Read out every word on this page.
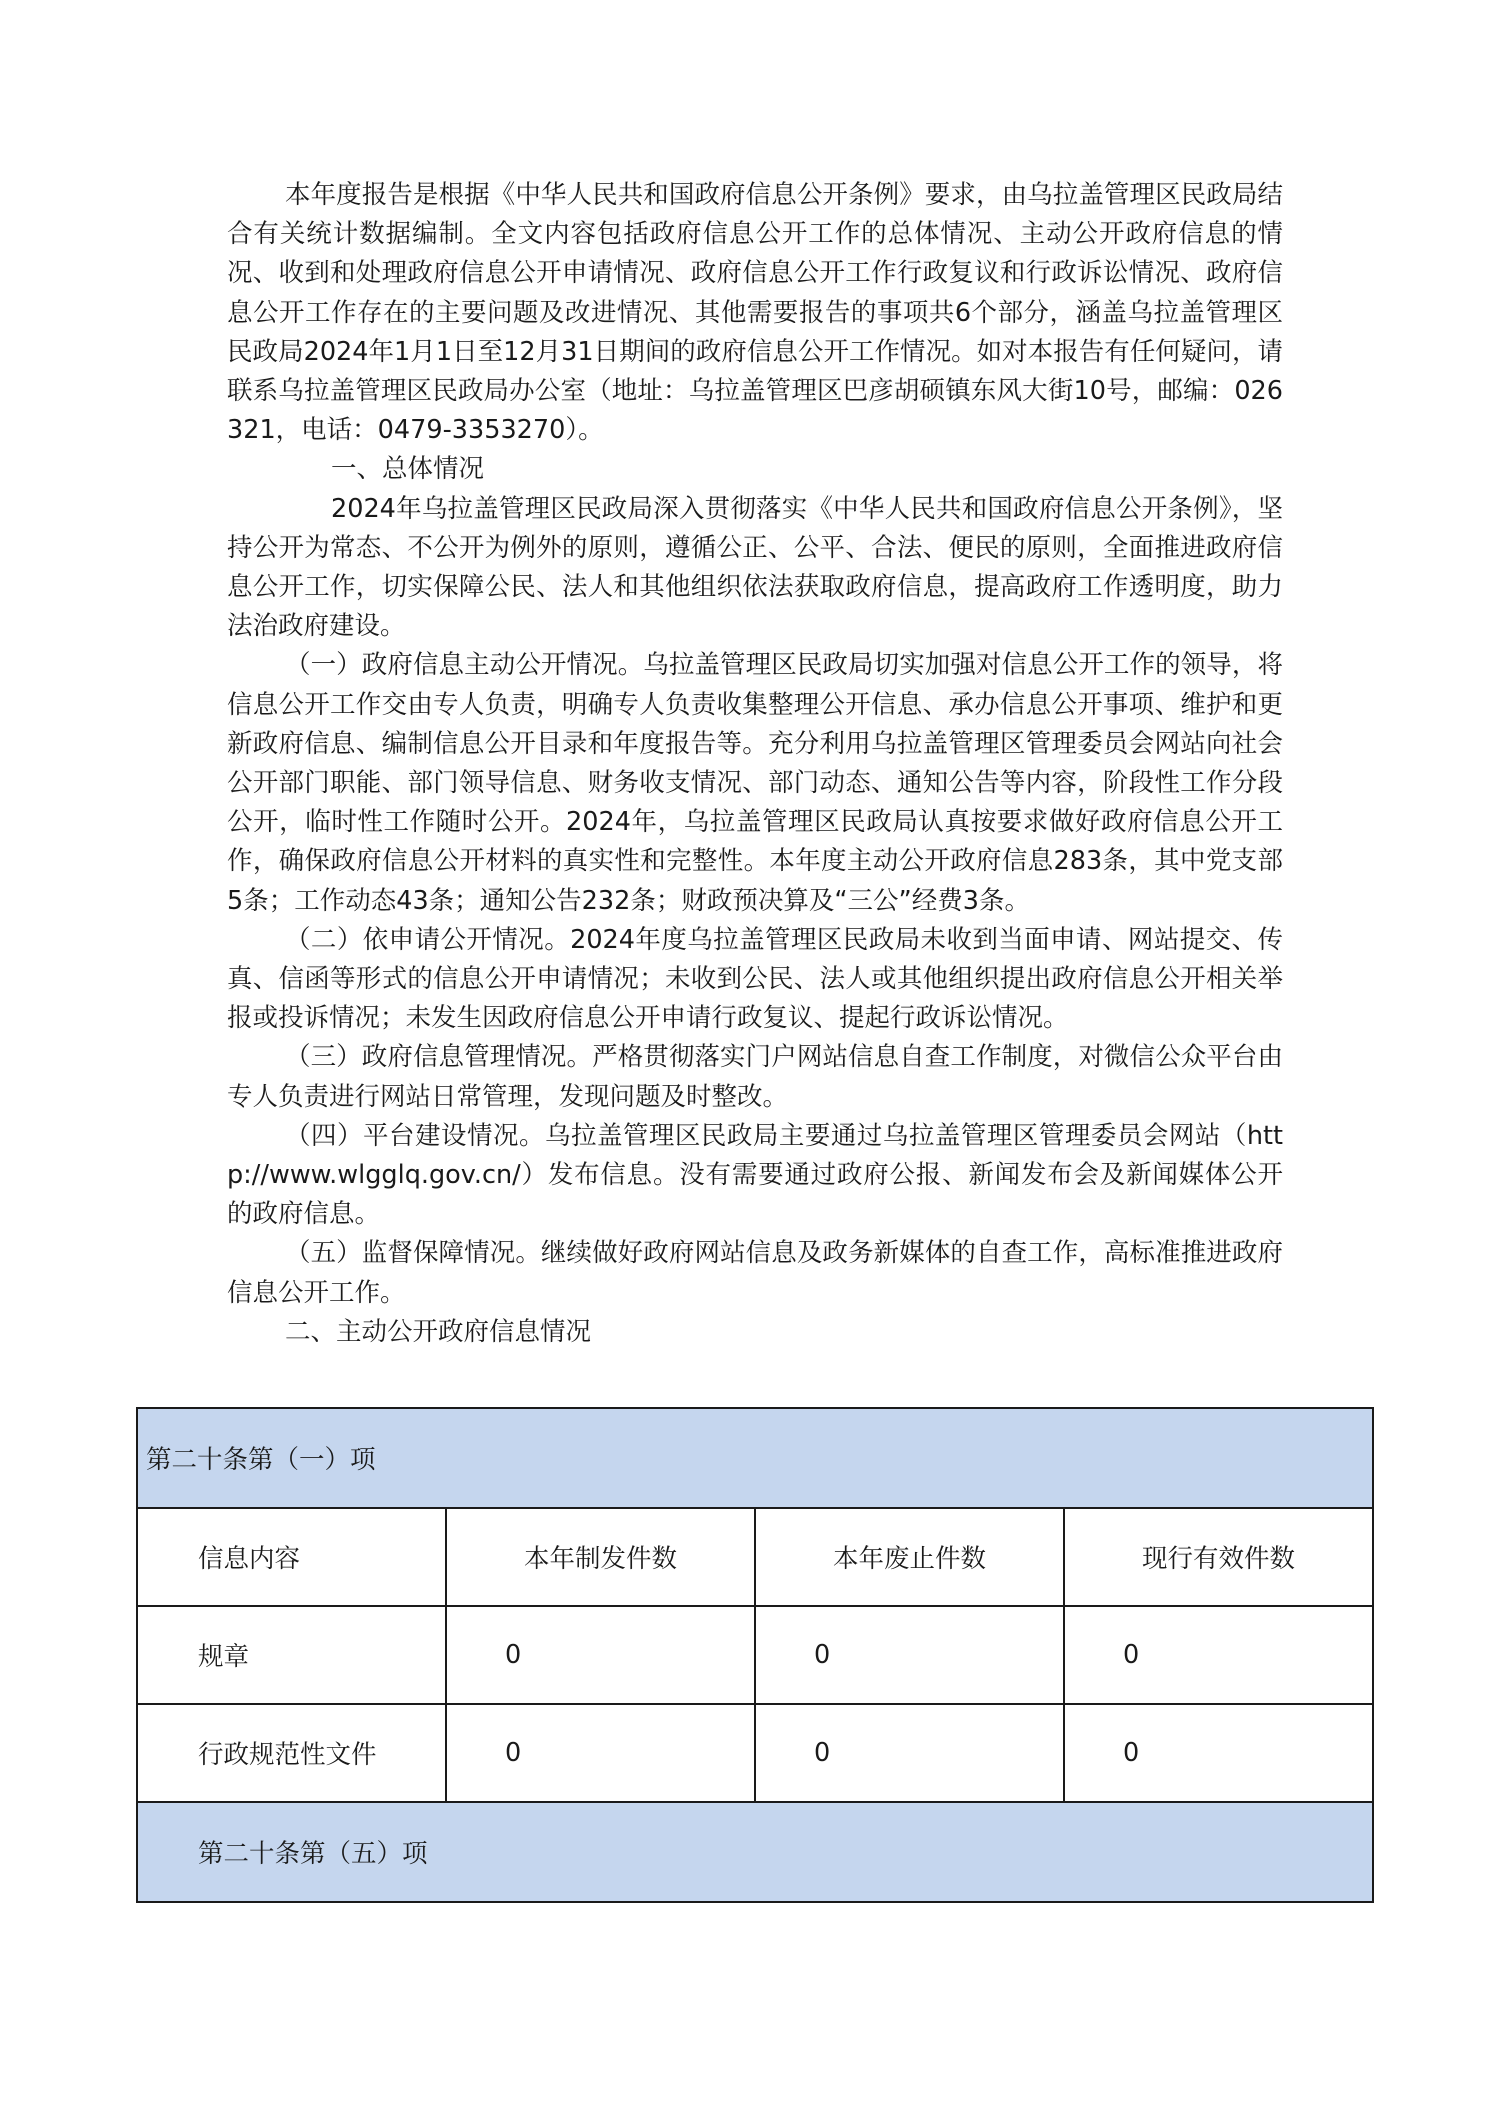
本年度报告是根据《中华人民共和国政府信息公开条例》要求，由乌拉盖管理区民政局结合有关统计数据编制。全文内容包括政府信息公开工作的总体情况、主动公开政府信息的情况、收到和处理政府信息公开申请情况、政府信息公开工作行政复议和行政诉讼情况、政府信息公开工作存在的主要问题及改进情况、其他需要报告的事项共6个部分，涵盖乌拉盖管理区民政局2024年1月1日至12月31日期间的政府信息公开工作情况。如对本报告有任何疑问，请联系乌拉盖管理区民政局办公室（地址：乌拉盖管理区巴彦胡硕镇东风大街10号，邮编：026321，电话：0479-3353270）。

一、总体情况

2024年乌拉盖管理区民政局深入贯彻落实《中华人民共和国政府信息公开条例》，坚持公开为常态、不公开为例外的原则，遵循公正、公平、合法、便民的原则，全面推进政府信息公开工作，切实保障公民、法人和其他组织依法获取政府信息，提高政府工作透明度，助力法治政府建设。

（一）政府信息主动公开情况。乌拉盖管理区民政局切实加强对信息公开工作的领导，将信息公开工作交由专人负责，明确专人负责收集整理公开信息、承办信息公开事项、维护和更新政府信息、编制信息公开目录和年度报告等。充分利用乌拉盖管理区管理委员会网站向社会公开部门职能、部门领导信息、财务收支情况、部门动态、通知公告等内容，阶段性工作分段公开，临时性工作随时公开。2024年，乌拉盖管理区民政局认真按要求做好政府信息公开工作，确保政府信息公开材料的真实性和完整性。本年度主动公开政府信息283条，其中党支部5条；工作动态43条；通知公告232条；财政预决算及“三公”经费3条。

（二）依申请公开情况。2024年度乌拉盖管理区民政局未收到当面申请、网站提交、传真、信函等形式的信息公开申请情况；未收到公民、法人或其他组织提出政府信息公开相关举报或投诉情况；未发生因政府信息公开申请行政复议、提起行政诉讼情况。

（三）政府信息管理情况。严格贯彻落实门户网站信息自查工作制度，对微信公众平台由专人负责进行网站日常管理，发现问题及时整改。

（四）平台建设情况。乌拉盖管理区民政局主要通过乌拉盖管理区管理委员会网站（http://www.wlgglq.gov.cn/）发布信息。没有需要通过政府公报、新闻发布会及新闻媒体公开的政府信息。

（五）监督保障情况。继续做好政府网站信息及政务新媒体的自查工作，高标准推进政府信息公开工作。

二、主动公开政府信息情况

第二十条第（一）项			
信息内容	本年制发件数	本年废止件数	现行有效件数
规章	0	0	0
行政规范性文件	0	0	0
第二十条第（五）项			
